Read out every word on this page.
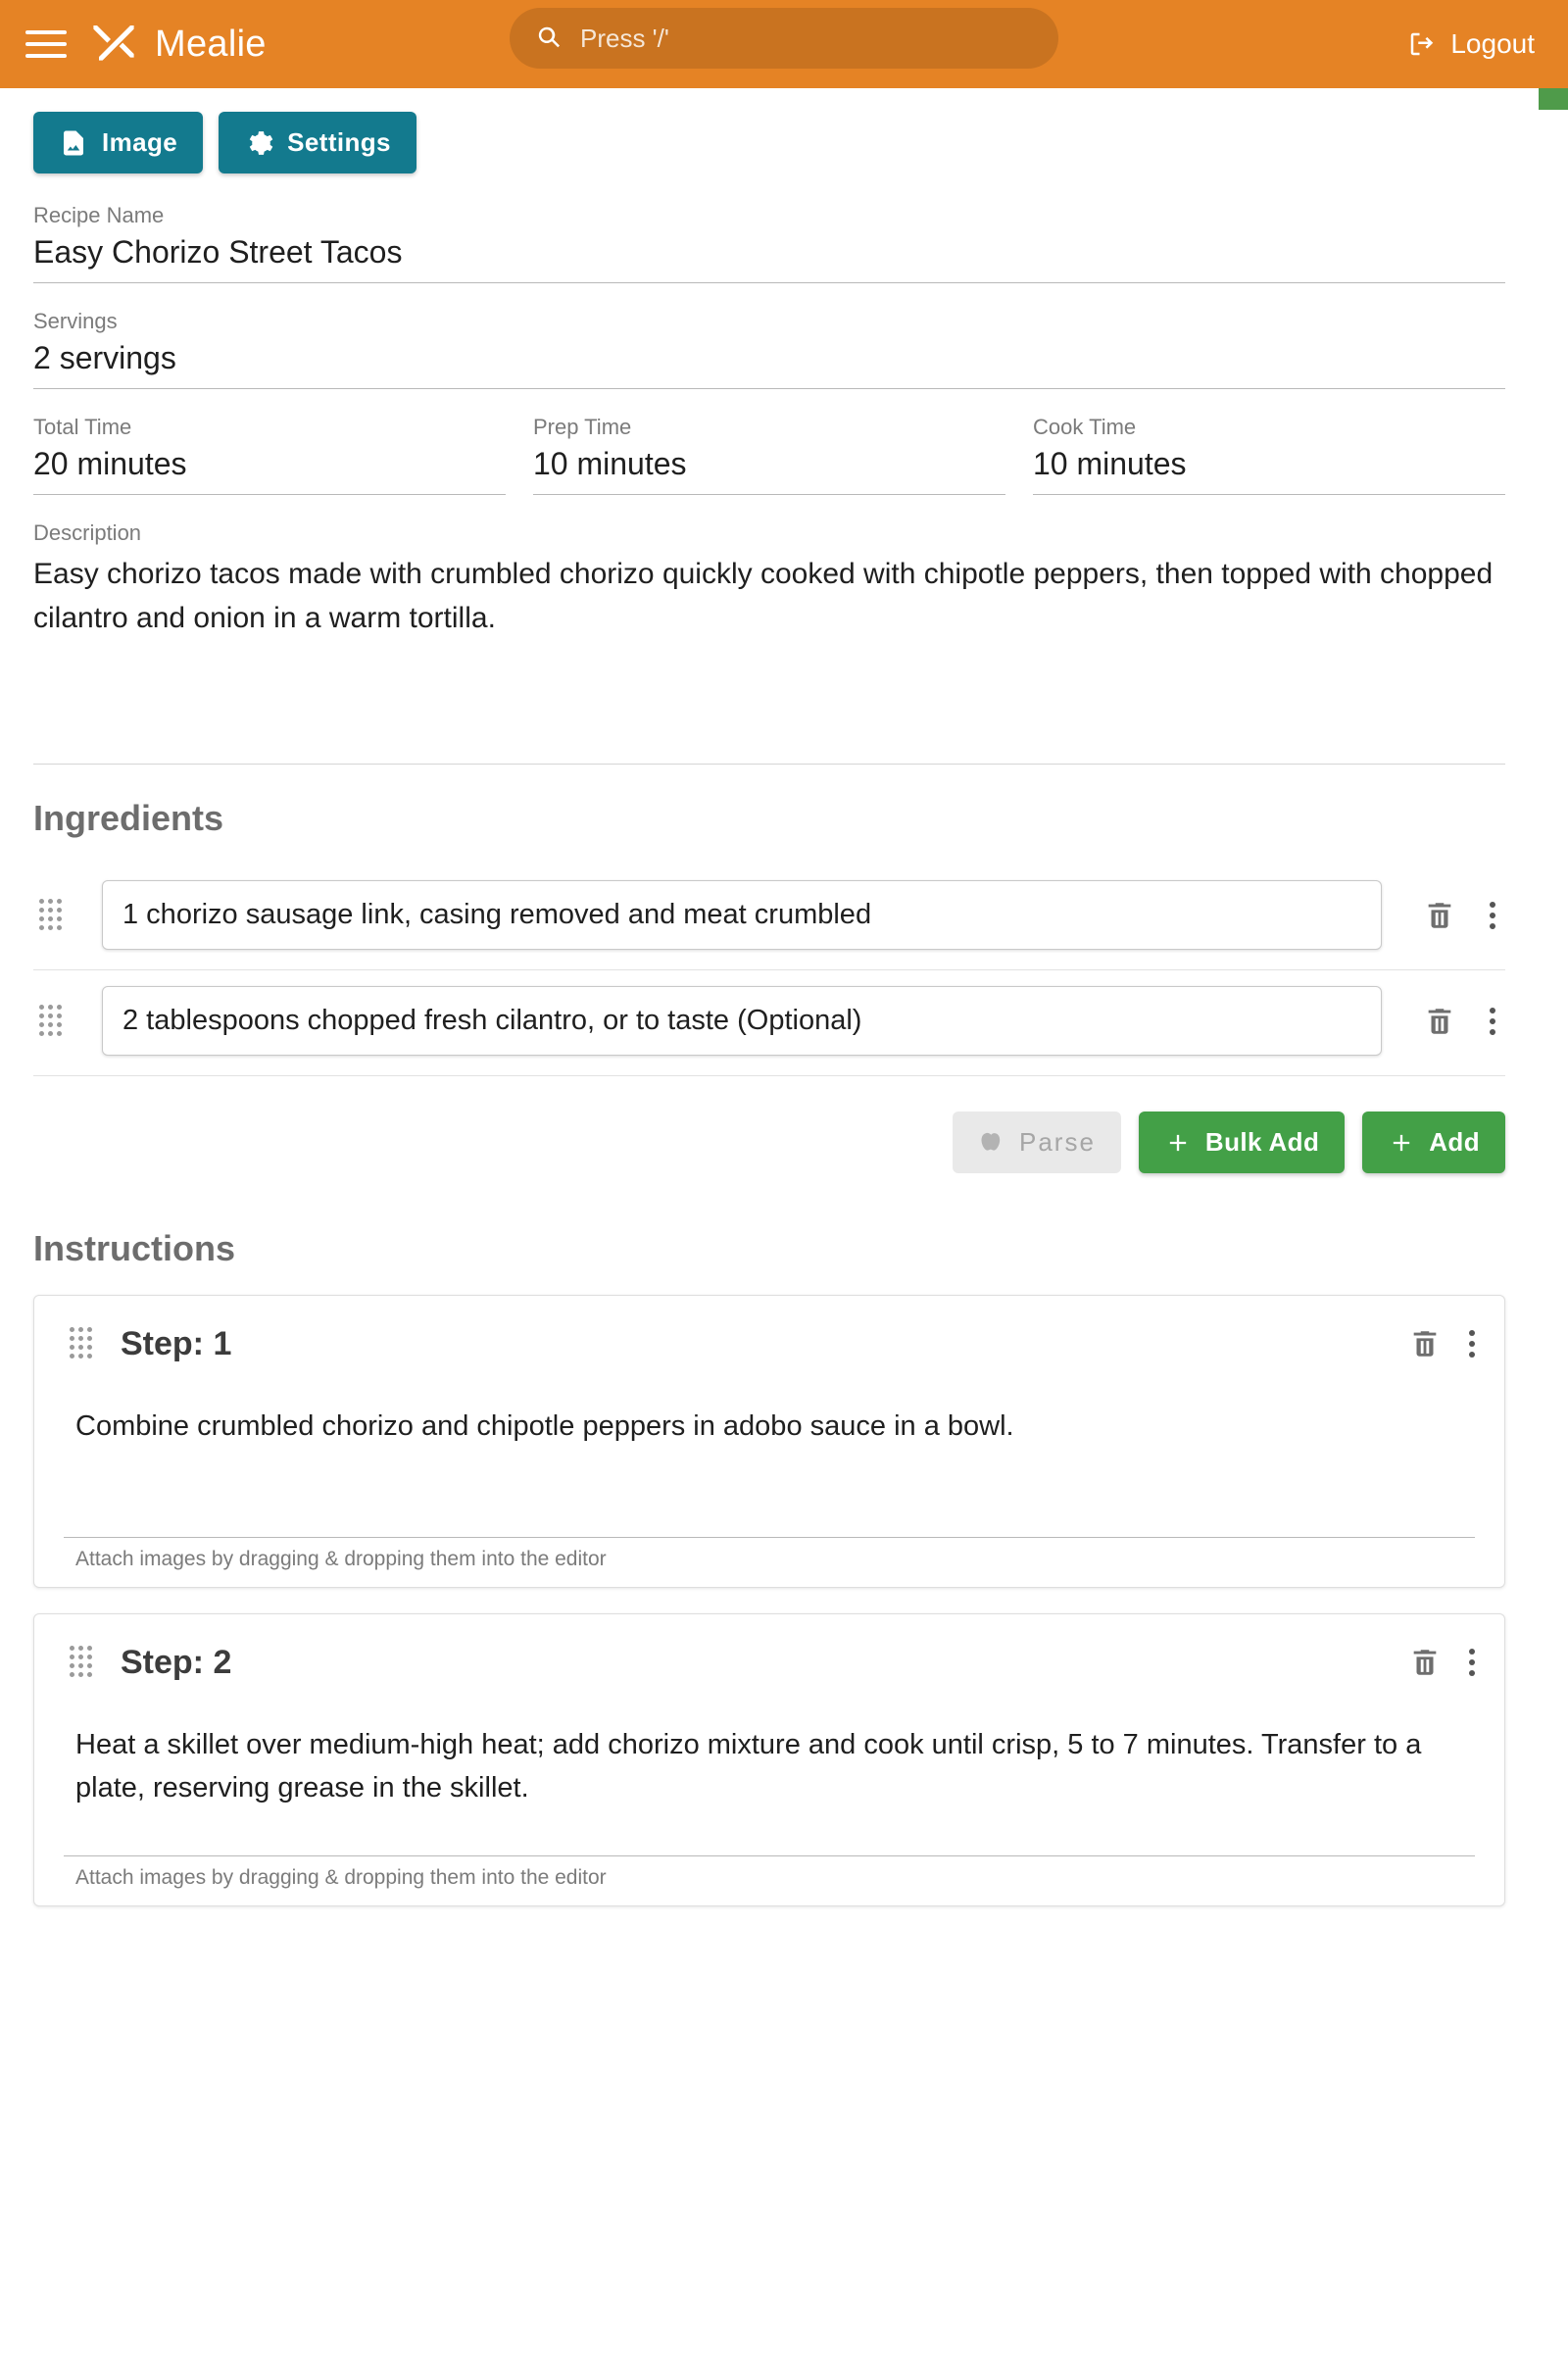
Mealie	Press '/'	Logout
Image	Settings
Recipe Name
Easy Chorizo Street Tacos
Servings
2 servings
Total Time
20 minutes
Prep Time
10 minutes
Cook Time
10 minutes
Description
Easy chorizo tacos made with crumbled chorizo quickly cooked with chipotle peppers, then topped with chopped cilantro and onion in a warm tortilla.
Ingredients
1 chorizo sausage link, casing removed and meat crumbled
2 tablespoons chopped fresh cilantro, or to taste (Optional)
Parse	Bulk Add	Add
Instructions
Step: 1
Combine crumbled chorizo and chipotle peppers in adobo sauce in a bowl.
Attach images by dragging & dropping them into the editor
Step: 2
Heat a skillet over medium-high heat; add chorizo mixture and cook until crisp, 5 to 7 minutes. Transfer to a plate, reserving grease in the skillet.
Attach images by dragging & dropping them into the editor
